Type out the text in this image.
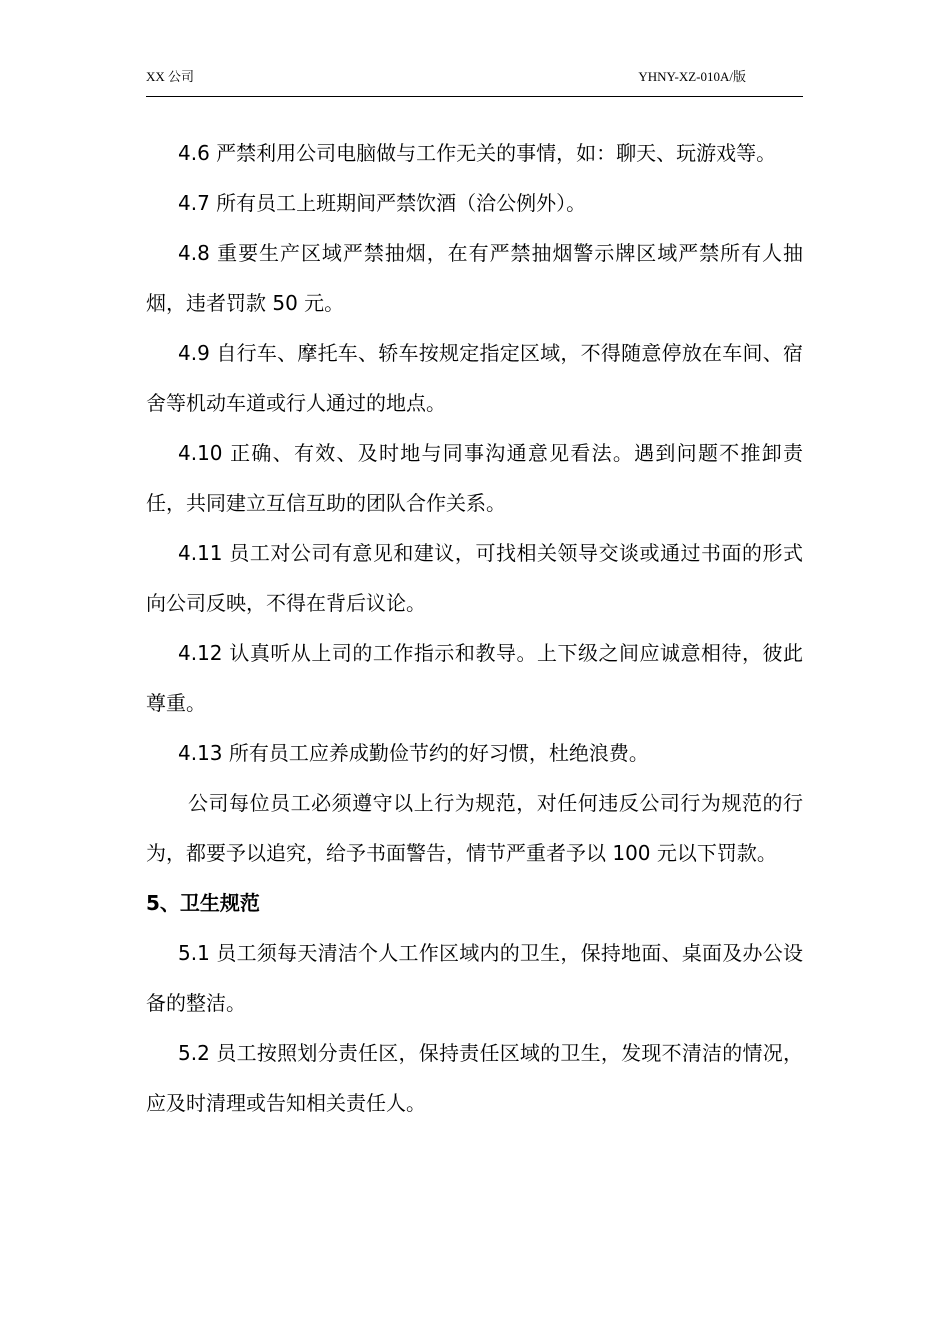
XX 公司	YHNY-XZ-010A/版

4.6 严禁利用公司电脑做与工作无关的事情，如：聊天、玩游戏等。

4.7 所有员工上班期间严禁饮酒（洽公例外）。

4.8 重要生产区域严禁抽烟，在有严禁抽烟警示牌区域严禁所有人抽烟，违者罚款 50 元。

4.9 自行车、摩托车、轿车按规定指定区域，不得随意停放在车间、宿舍等机动车道或行人通过的地点。

4.10 正确、有效、及时地与同事沟通意见看法。遇到问题不推卸责任，共同建立互信互助的团队合作关系。

4.11 员工对公司有意见和建议，可找相关领导交谈或通过书面的形式向公司反映，不得在背后议论。

4.12 认真听从上司的工作指示和教导。上下级之间应诚意相待，彼此尊重。

4.13 所有员工应养成勤俭节约的好习惯，杜绝浪费。

公司每位员工必须遵守以上行为规范，对任何违反公司行为规范的行为，都要予以追究，给予书面警告，情节严重者予以 100 元以下罚款。

5、卫生规范

5.1 员工须每天清洁个人工作区域内的卫生，保持地面、桌面及办公设备的整洁。

5.2 员工按照划分责任区，保持责任区域的卫生，发现不清洁的情况，应及时清理或告知相关责任人。
